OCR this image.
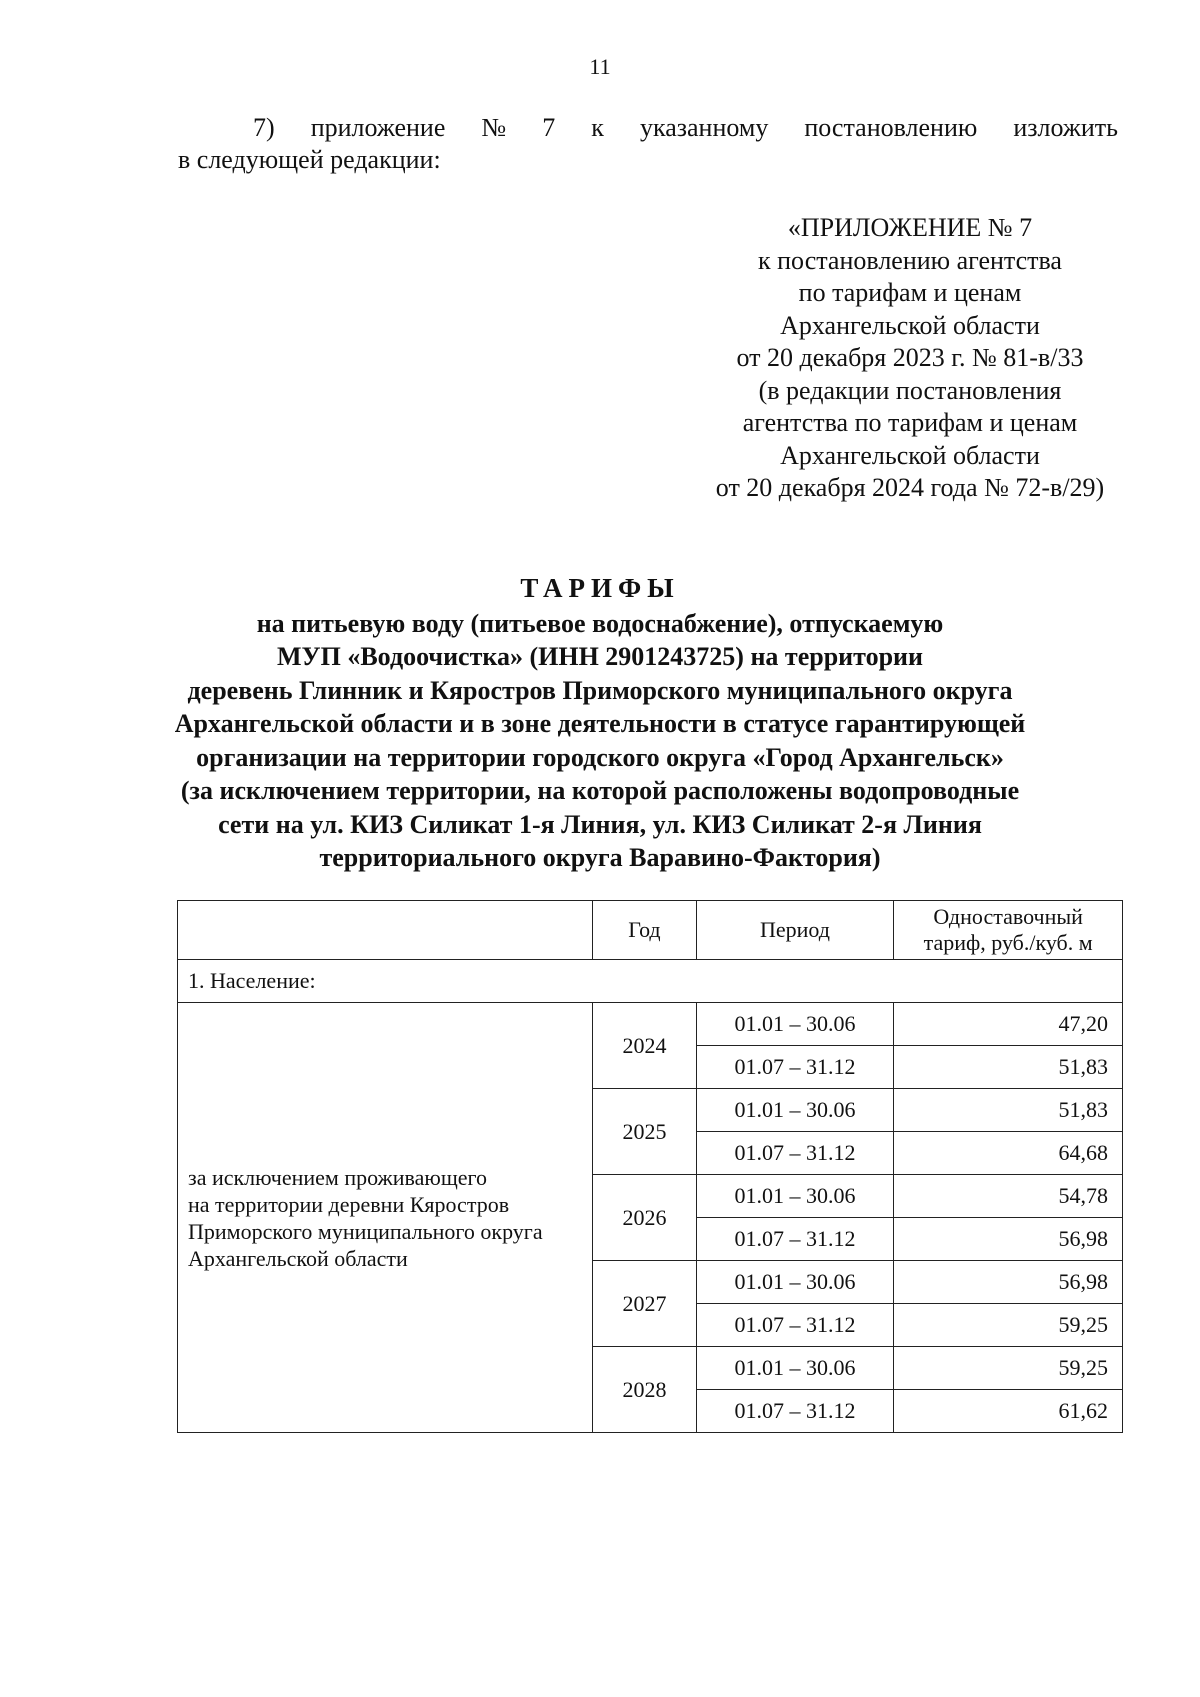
11
7) приложение № 7 к указанному постановлению изложить
в следующей редакции:
«ПРИЛОЖЕНИЕ № 7
к постановлению агентства
по тарифам и ценам
Архангельской области
от 20 декабря 2023 г. № 81-в/33
(в редакции постановления
агентства по тарифам и ценам
Архангельской области
от 20 декабря 2024 года № 72-в/29)
ТАРИФЫ
на питьевую воду (питьевое водоснабжение), отпускаемую
МУП «Водоочистка» (ИНН 2901243725) на территории
деревень Глинник и Кяростров Приморского муниципального округа
Архангельской области и в зоне деятельности в статусе гарантирующей
организации на территории городского округа «Город Архангельск»
(за исключением территории, на которой расположены водопроводные
сети на ул. КИЗ Силикат 1-я Линия, ул. КИЗ Силикат 2-я Линия
территориального округа Варавино-Фактория)
	Год	Период	Одноставочный
тариф, руб./куб. м

1. Население:			

за исключением проживающего
на территории деревни Кяростров
Приморского муниципального округа
Архангельской области	2024	01.01 – 30.06	47,20
		01.07 – 31.12	51,83
	2025	01.01 – 30.06	51,83
		01.07 – 31.12	64,68
	2026	01.01 – 30.06	54,78
		01.07 – 31.12	56,98
	2027	01.01 – 30.06	56,98
		01.07 – 31.12	59,25
	2028	01.01 – 30.06	59,25
		01.07 – 31.12	61,62
